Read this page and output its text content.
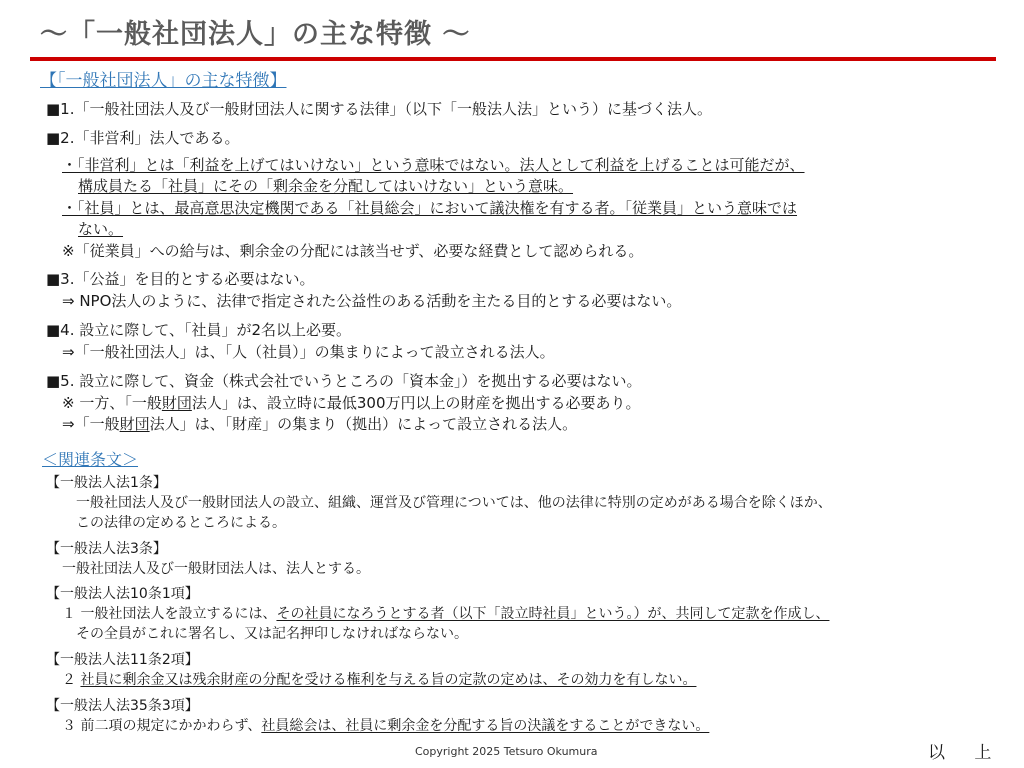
～「一般社団法人」の主な特徴 ～
【「一般社団法人」の主な特徴】
■1.「一般社団法人及び一般財団法人に関する法律」（以下「一般法人法」という）に基づく法人。
■2.「非営利」法人である。
・「非営利」とは「利益を上げてはいけない」という意味ではない。法人として利益を上げることは可能だが、
構成員たる「社員」にその「剰余金を分配してはいけない」という意味。
・「社員」とは、最高意思決定機関である「社員総会」において議決権を有する者。「従業員」という意味では
ない。
※「従業員」への給与は、剰余金の分配には該当せず、必要な経費として認められる。
■3.「公益」を目的とする必要はない。
⇒ NPO法人のように、法律で指定された公益性のある活動を主たる目的とする必要はない。
■4. 設立に際して、「社員」が2名以上必要。
⇒「一般社団法人」は、「人（社員）」の集まりによって設立される法人。
■5. 設立に際して、資金（株式会社でいうところの「資本金」）を拠出する必要はない。
※ 一方、「一般財団法人」は、設立時に最低300万円以上の財産を拠出する必要あり。
⇒「一般財団法人」は、「財産」の集まり（拠出）によって設立される法人。
＜関連条文＞
【一般法人法1条】
一般社団法人及び一般財団法人の設立、組織、運営及び管理については、他の法律に特別の定めがある場合を除くほか、
この法律の定めるところによる。
【一般法人法3条】
一般社団法人及び一般財団法人は、法人とする。
【一般法人法10条1項】
１ 一般社団法人を設立するには、その社員になろうとする者（以下「設立時社員」という。）が、共同して定款を作成し、
その全員がこれに署名し、又は記名押印しなければならない。
【一般法人法11条2項】
２ 社員に剰余金又は残余財産の分配を受ける権利を与える旨の定款の定めは、その効力を有しない。
【一般法人法35条3項】
３ 前二項の規定にかかわらず、社員総会は、社員に剰余金を分配する旨の決議をすることができない。
Copyright 2025 Tetsuro Okumura	以 上
